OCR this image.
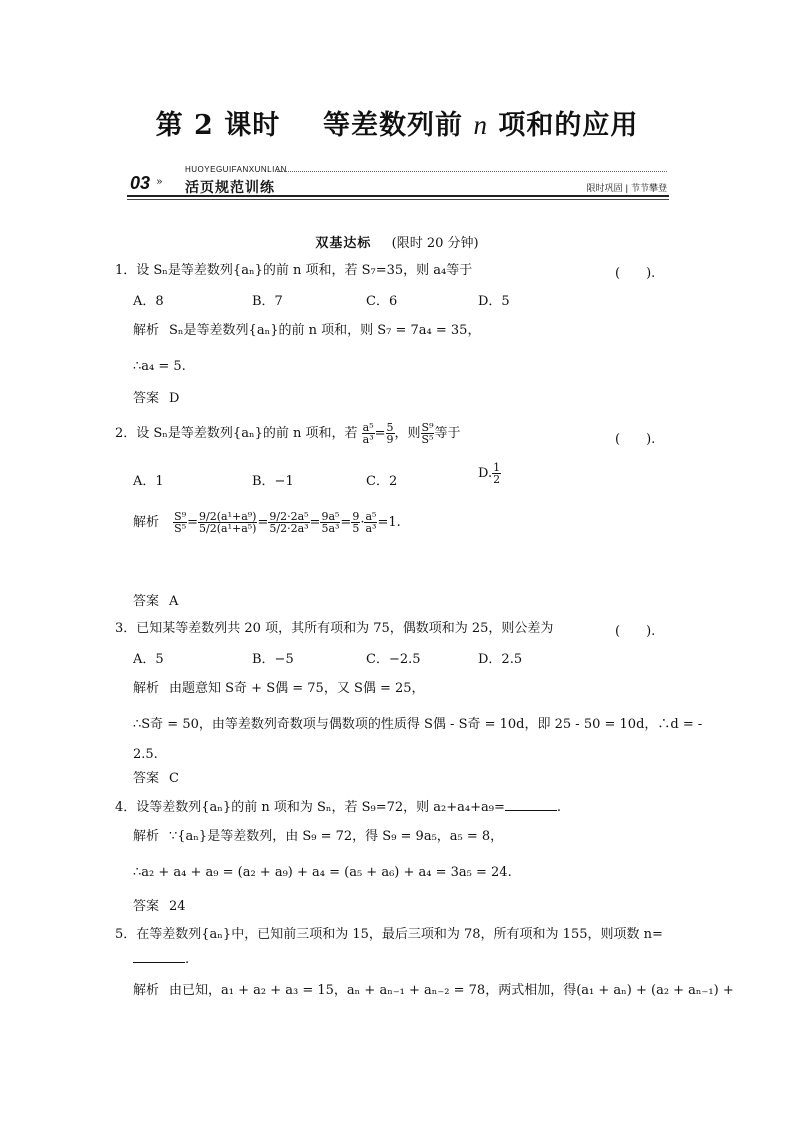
第 2 课时 等差数列前 n 项和的应用
03 »
HUOYEGUIFANXUNLIAN
活页规范训练	限时巩固 | 节节攀登
双基达标 (限时 20 分钟)
1．设 Sₙ是等差数列{aₙ}的前 n 项和，若 S₇=35，则 a₄等于	(　　).
A．8	B．7	C．6	D．5
解析 Sₙ是等差数列{aₙ}的前 n 项和，则 S₇ = 7a₄ = 35，
∴a₄ = 5.
答案 D
2．设 Sₙ是等差数列{aₙ}的前 n 项和，若 $\frac{\text{a⁵}}{\text{a³}} = \frac{5}{9}$ ，则 $\frac{\text{S⁹}}{\text{S⁵}}$ 等于	(　　).
A．1	B．−1	C．2
D. $\frac{1}{2}$
解析 $\frac{\text{S⁹}}{\text{S⁵}} = \frac{\text{9/2(a¹+a⁹)}}{\text{5/2(a¹+a⁵)}} = \frac{\text{9/2·2a⁵}}{\text{5/2·2a³}} = \frac{\text{9a⁵}}{\text{5a³}} = \frac{9}{5} \cdot \frac{\text{a⁵}}{\text{a³}} =1$.
答案 A
3．已知某等差数列共 20 项，其所有项和为 75，偶数项和为 25，则公差为	(　　).
A．5	B．−5	C．−2.5	D．2.5
解析 由题意知 S奇 + S偶 = 75，又 S偶 = 25，
∴S奇 = 50，由等差数列奇数项与偶数项的性质得 S偶 - S奇 = 10d，即 25 - 50 = 10d，∴d = -
2.5.
答案 C
4．设等差数列{aₙ}的前 n 项和为 Sₙ，若 S₉=72，则 a₂+a₄+a₉=	.
解析 ∵{aₙ}是等差数列，由 S₉ = 72，得 S₉ = 9a₅，a₅ = 8，
∴a₂ + a₄ + a₉ = (a₂ + a₉) + a₄ = (a₅ + a₆) + a₄ = 3a₅ = 24.
答案 24
5．在等差数列{aₙ}中，已知前三项和为 15，最后三项和为 78，所有项和为 155，则项数 n=
.
解析 由已知，a₁ + a₂ + a₃ = 15，aₙ + aₙ₋₁ + aₙ₋₂ = 78，两式相加，得(a₁ + aₙ) + (a₂ + aₙ₋₁) +
